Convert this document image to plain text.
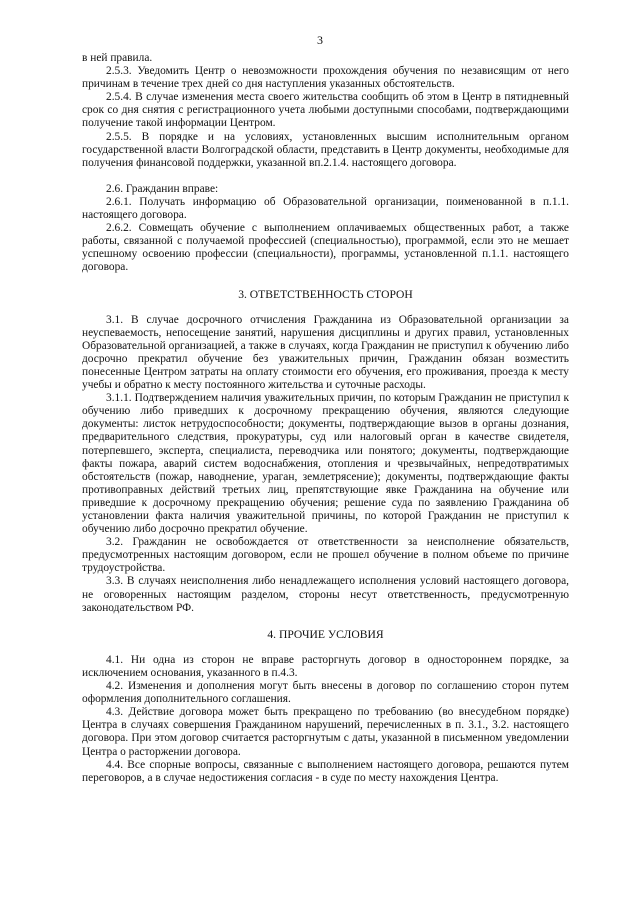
3

в ней правила.

2.5.3. Уведомить Центр о невозможности прохождения обучения по независящим от него причинам в течение трех дней со дня наступления указанных обстоятельств.

2.5.4. В случае изменения места своего жительства сообщить об этом в Центр в пятидневный срок со дня снятия с регистрационного учета любыми доступными способами, подтверждающими получение такой информации Центром.

2.5.5. В порядке и на условиях, установленных высшим исполнительным органом государственной власти Волгоградской области, представить в Центр документы, необходимые для получения финансовой поддержки, указанной вп.2.1.4. настоящего договора.

2.6. Гражданин вправе:

2.6.1. Получать информацию об Образовательной организации, поименованной в п.1.1. настоящего договора.

2.6.2. Совмещать обучение с выполнением оплачиваемых общественных работ, а также работы, связанной с получаемой профессией (специальностью), программой, если это не мешает успешному освоению профессии (специальности), программы, установленной п.1.1. настоящего договора.

3. ОТВЕТСТВЕННОСТЬ СТОРОН

3.1. В случае досрочного отчисления Гражданина из Образовательной организации за неуспеваемость, непосещение занятий, нарушения дисциплины и других правил, установленных Образовательной организацией, а также в случаях, когда Гражданин не приступил к обучению либо досрочно прекратил обучение без уважительных причин, Гражданин обязан возместить понесенные Центром затраты на оплату стоимости его обучения, его проживания, проезда к месту учебы и обратно к месту постоянного жительства и суточные расходы.

3.1.1. Подтверждением наличия уважительных причин, по которым Гражданин не приступил к обучению либо приведших к досрочному прекращению обучения, являются следующие документы: листок нетрудоспособности; документы, подтверждающие вызов в органы дознания, предварительного следствия, прокуратуры, суд или налоговый орган в качестве свидетеля, потерпевшего, эксперта, специалиста, переводчика или понятого; документы, подтверждающие факты пожара, аварий систем водоснабжения, отопления и чрезвычайных, непредотвратимых обстоятельств (пожар, наводнение, ураган, землетрясение); документы, подтверждающие факты противоправных действий третьих лиц, препятствующие явке Гражданина на обучение или приведшие к досрочному прекращению обучения; решение суда по заявлению Гражданина об установлении факта наличия уважительной причины, по которой Гражданин не приступил к обучению либо досрочно прекратил обучение.

3.2. Гражданин не освобождается от ответственности за неисполнение обязательств, предусмотренных настоящим договором, если не прошел обучение в полном объеме по причине трудоустройства.

3.3. В случаях неисполнения либо ненадлежащего исполнения условий настоящего договора, не оговоренных настоящим разделом, стороны несут ответственность, предусмотренную законодательством РФ.

4. ПРОЧИЕ УСЛОВИЯ

4.1. Ни одна из сторон не вправе расторгнуть договор в одностороннем порядке, за исключением основания, указанного в п.4.3.

4.2. Изменения и дополнения могут быть внесены в договор по соглашению сторон путем оформления дополнительного соглашения.

4.3. Действие договора может быть прекращено по требованию (во внесудебном порядке) Центра в случаях совершения Гражданином нарушений, перечисленных в п. 3.1., 3.2. настоящего договора. При этом договор считается расторгнутым с даты, указанной в письменном уведомлении Центра о расторжении договора.

4.4. Все спорные вопросы, связанные с выполнением настоящего договора, решаются путем переговоров, а в случае недостижения согласия - в суде по месту нахождения Центра.
